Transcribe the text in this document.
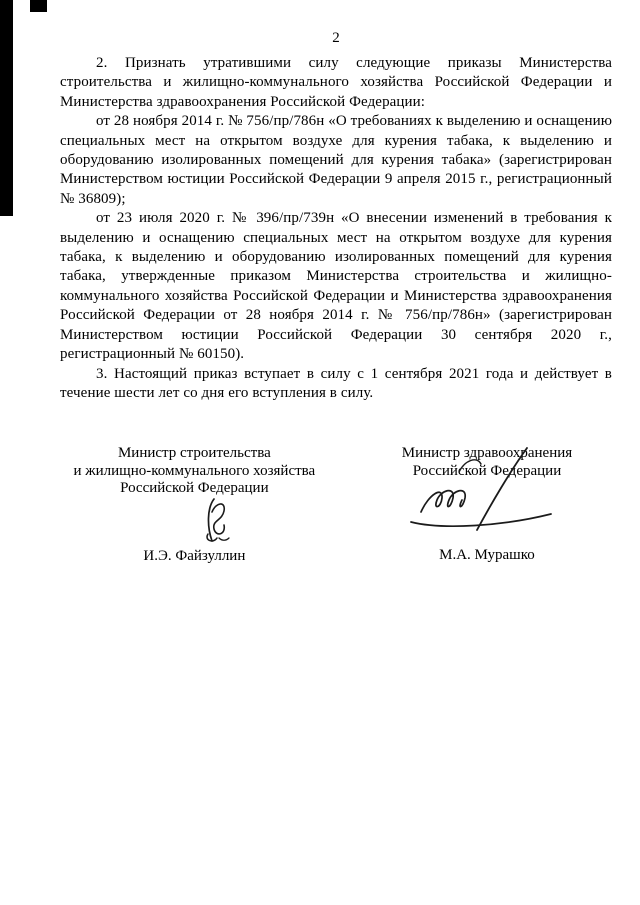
2

2. Признать утратившими силу следующие приказы Министерства строительства и жилищно-коммунального хозяйства Российской Федерации и Министерства здравоохранения Российской Федерации:

от 28 ноября 2014 г. № 756/пр/786н «О требованиях к выделению и оснащению специальных мест на открытом воздухе для курения табака, к выделению и оборудованию изолированных помещений для курения табака» (зарегистрирован Министерством юстиции Российской Федерации 9 апреля 2015 г., регистрационный № 36809);

от 23 июля 2020 г. № 396/пр/739н «О внесении изменений в требования к выделению и оснащению специальных мест на открытом воздухе для курения табака, к выделению и оборудованию изолированных помещений для курения табака, утвержденные приказом Министерства строительства и жилищно-коммунального хозяйства Российской Федерации и Министерства здравоохранения Российской Федерации от 28 ноября 2014 г. № 756/пр/786н» (зарегистрирован Министерством юстиции Российской Федерации 30 сентября 2020 г., регистрационный № 60150).

3. Настоящий приказ вступает в силу с 1 сентября 2021 года и действует в течение шести лет со дня его вступления в силу.

Министр строительства
и жилищно-коммунального хозяйства
Российской Федерации
И.Э. Файзуллин
Министр здравоохранения
Российской Федерации
М.А. Мурашко
